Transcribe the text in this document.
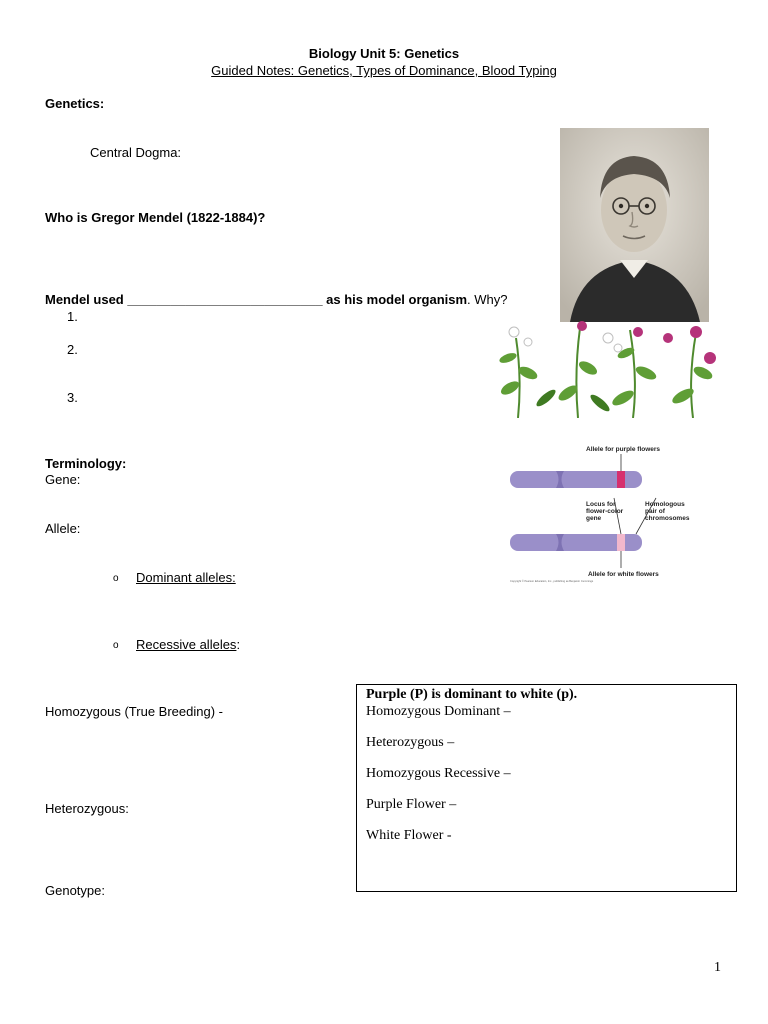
Biology Unit 5: Genetics
Guided Notes: Genetics, Types of Dominance, Blood Typing
Genetics:
Central Dogma:
Who is Gregor Mendel (1822-1884)?
Mendel used ___________________________ as his model organism. Why?
1.
2.
3.
Allele for purple flowers
Locus for
flower-color
gene
Homologous
pair of
chromosomes
Allele for white flowers
Copyright © Pearson Education, Inc., publishing as Benjamin Cummings
Terminology:
Gene:
Allele:
o Dominant alleles:
o Recessive alleles:
Homozygous (True Breeding) -
Heterozygous:
Genotype:
Purple (P) is dominant to white (p).
Homozygous Dominant –
Heterozygous –
Homozygous Recessive –
Purple Flower –
White Flower -
1
